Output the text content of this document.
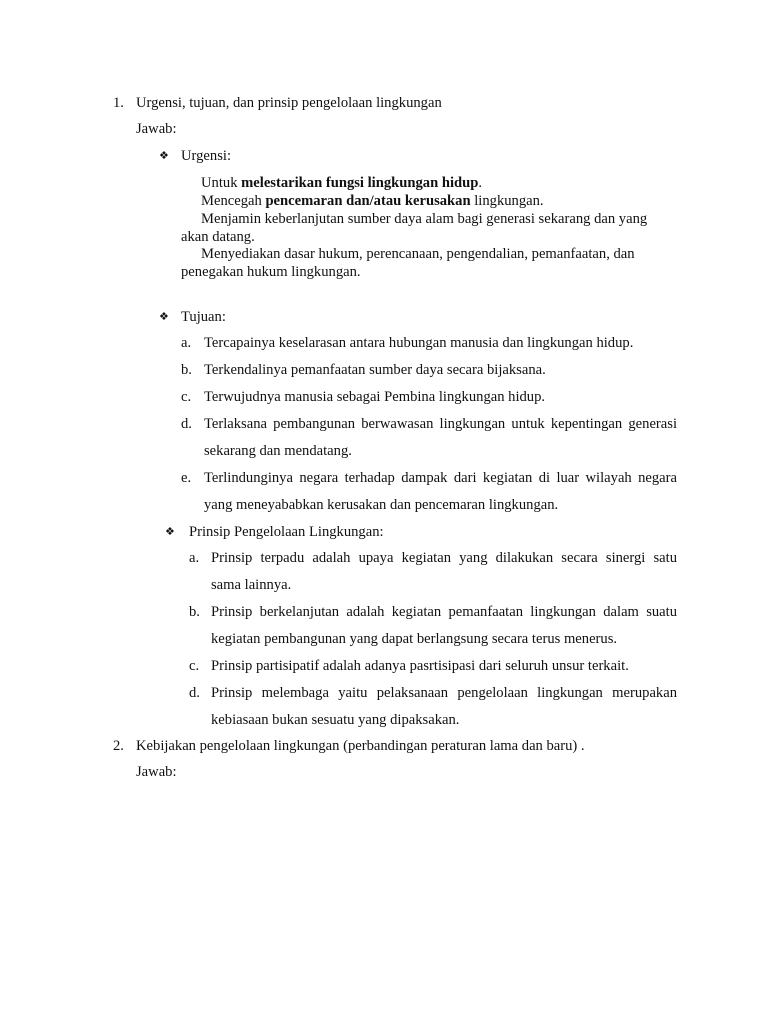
1. Urgensi, tujuan, dan prinsip pengelolaan lingkungan
Jawab:
❖ Urgensi:
Untuk melestarikan fungsi lingkungan hidup.
Mencegah pencemaran dan/atau kerusakan lingkungan.
Menjamin keberlanjutan sumber daya alam bagi generasi sekarang dan yang
akan datang.
Menyediakan dasar hukum, perencanaan, pengendalian, pemanfaatan, dan
penegakan hukum lingkungan.
❖ Tujuan:
a. Tercapainya keselarasan antara hubungan manusia dan lingkungan hidup.
b. Terkendalinya pemanfaatan sumber daya secara bijaksana.
c. Terwujudnya manusia sebagai Pembina lingkungan hidup.
d. Terlaksana pembangunan berwawasan lingkungan untuk kepentingan generasi
sekarang dan mendatang.
e. Terlindunginya negara terhadap dampak dari kegiatan di luar wilayah negara
yang meneyababkan kerusakan dan pencemaran lingkungan.
❖ Prinsip Pengelolaan Lingkungan:
a. Prinsip terpadu adalah upaya kegiatan yang dilakukan secara sinergi satu
sama lainnya.
b. Prinsip berkelanjutan adalah kegiatan pemanfaatan lingkungan dalam suatu
kegiatan pembangunan yang dapat berlangsung secara terus menerus.
c. Prinsip partisipatif adalah adanya pasrtisipasi dari seluruh unsur terkait.
d. Prinsip melembaga yaitu pelaksanaan pengelolaan lingkungan merupakan
kebiasaan bukan sesuatu yang dipaksakan.
2. Kebijakan pengelolaan lingkungan (perbandingan peraturan lama dan baru) .
Jawab:
